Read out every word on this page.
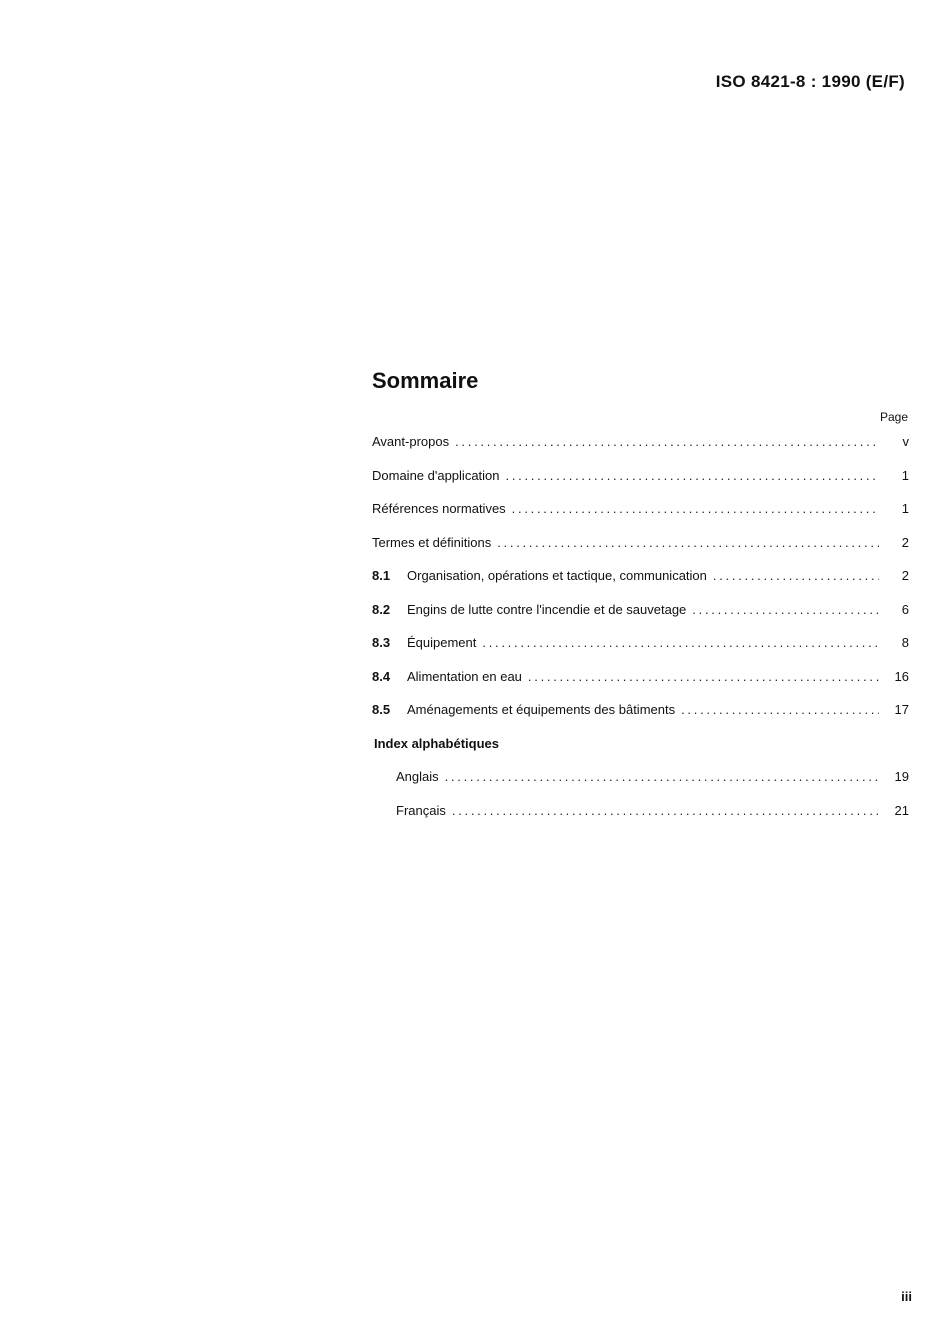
ISO 8421-8 : 1990 (E/F)
Sommaire
Page
Avant-propos . . .	v
Domaine d'application . . .	1
Références normatives . . .	1
Termes et définitions . . .	2
8.1	Organisation, opérations et tactique, communication . . .	2
8.2	Engins de lutte contre l'incendie et de sauvetage . . .	6
8.3	Équipement . . .	8
8.4	Alimentation en eau . . .	16
8.5	Aménagements et équipements des bâtiments . . .	17
Index alphabétiques
Anglais . . .	19
Français . . .	21
iii
